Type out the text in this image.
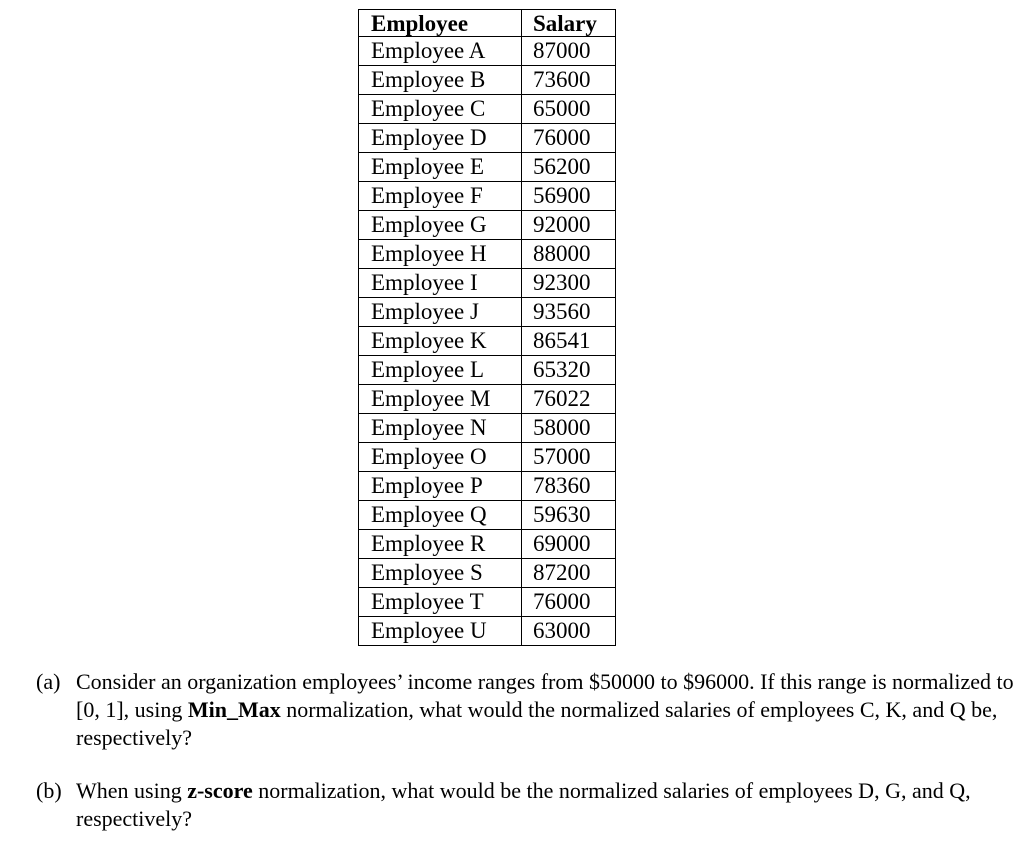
Employee	Salary
Employee A	87000
Employee B	73600
Employee C	65000
Employee D	76000
Employee E	56200
Employee F	56900
Employee G	92000
Employee H	88000
Employee I	92300
Employee J	93560
Employee K	86541
Employee L	65320
Employee M	76022
Employee N	58000
Employee O	57000
Employee P	78360
Employee Q	59630
Employee R	69000
Employee S	87200
Employee T	76000
Employee U	63000
(a) Consider an organization employees’ income ranges from $50000 to $96000. If this range is normalized to [0, 1], using Min_Max normalization, what would the normalized salaries of employees C, K, and Q be, respectively?
(b) When using z-score normalization, what would be the normalized salaries of employees D, G, and Q, respectively?
